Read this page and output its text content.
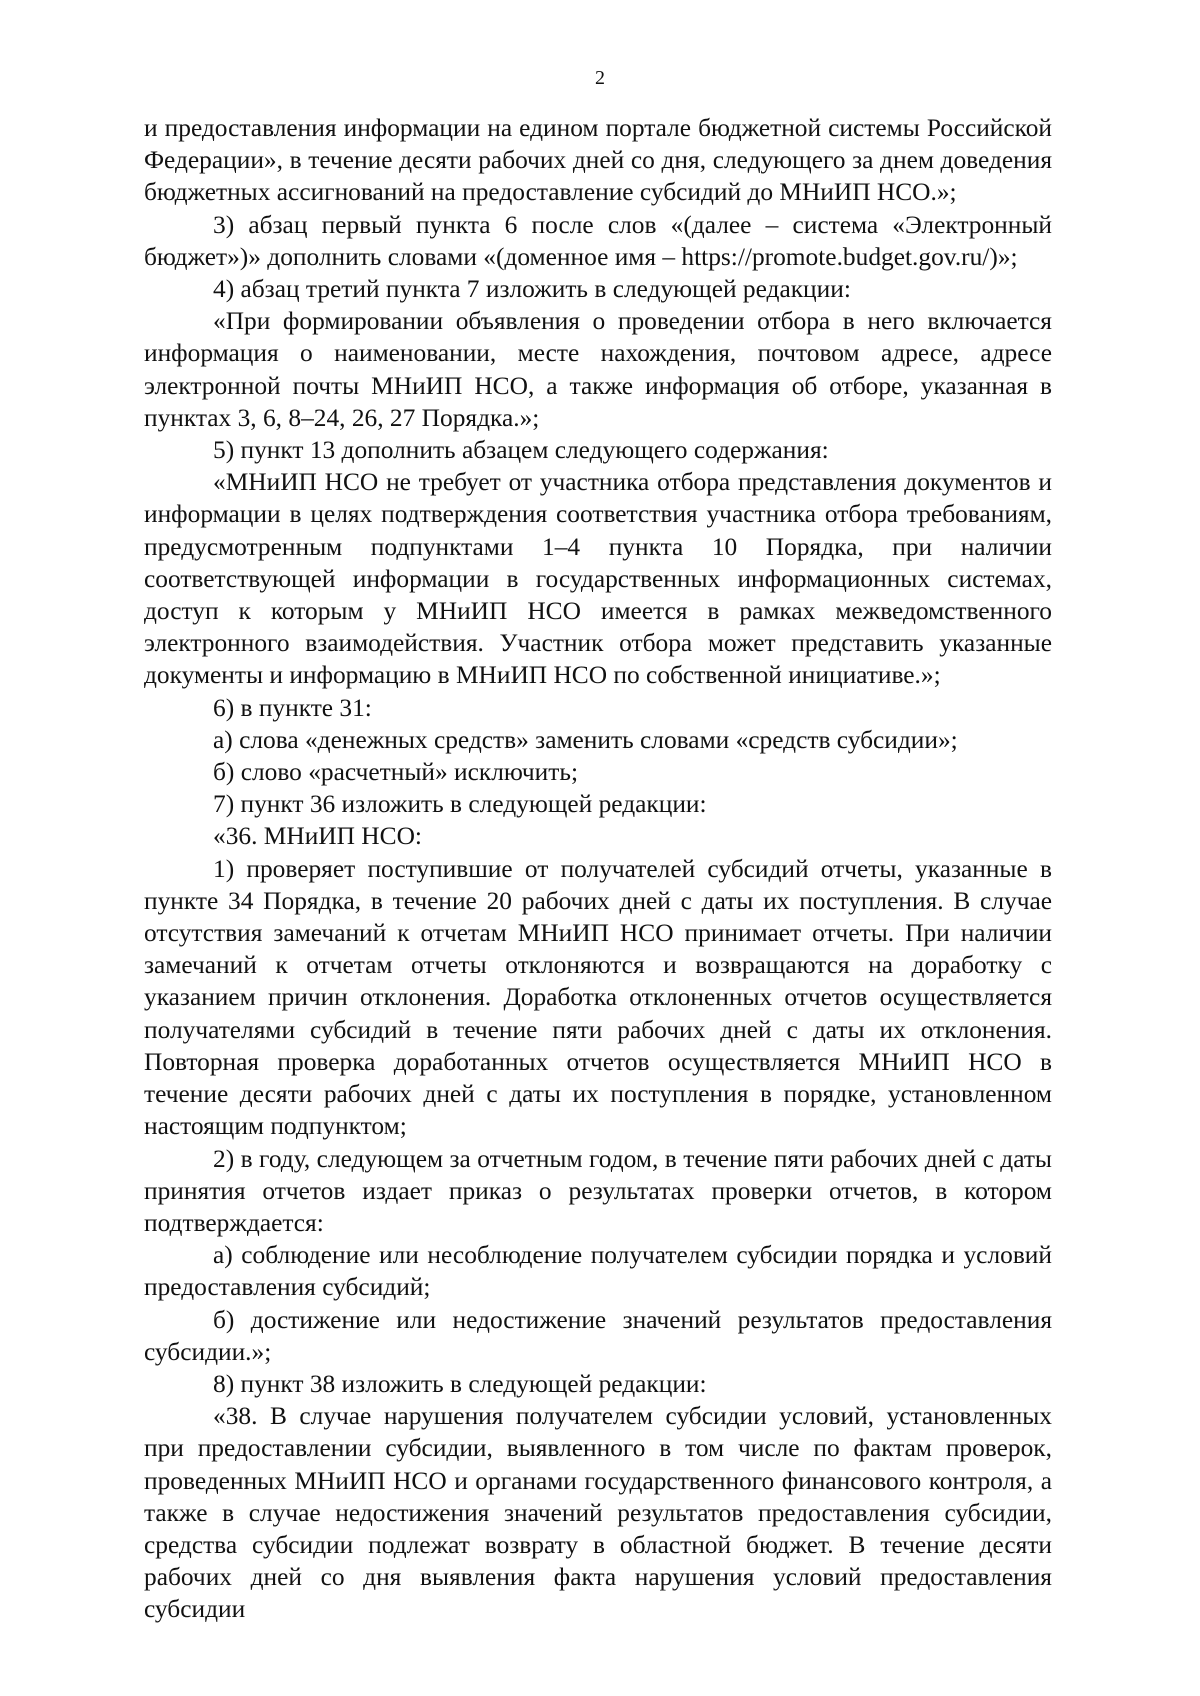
2

и предоставления информации на едином портале бюджетной системы Российской Федерации», в течение десяти рабочих дней со дня, следующего за днем доведения бюджетных ассигнований на предоставление субсидий до МНиИП НСО.»;

3) абзац первый пункта 6 после слов «(далее – система «Электронный бюджет»)» дополнить словами «(доменное имя – https://promote.budget.gov.ru/)»;

4) абзац третий пункта 7 изложить в следующей редакции:

«При формировании объявления о проведении отбора в него включается информация о наименовании, месте нахождения, почтовом адресе, адресе электронной почты МНиИП НСО, а также информация об отборе, указанная в пунктах 3, 6, 8–24, 26, 27 Порядка.»;

5) пункт 13 дополнить абзацем следующего содержания:

«МНиИП НСО не требует от участника отбора представления документов и информации в целях подтверждения соответствия участника отбора требованиям, предусмотренным подпунктами 1–4 пункта 10 Порядка, при наличии соответствующей информации в государственных информационных системах, доступ к которым у МНиИП НСО имеется в рамках межведомственного электронного взаимодействия. Участник отбора может представить указанные документы и информацию в МНиИП НСО по собственной инициативе.»;

6) в пункте 31:

а) слова «денежных средств» заменить словами «средств субсидии»;

б) слово «расчетный» исключить;

7) пункт 36 изложить в следующей редакции:

«36. МНиИП НСО:

1) проверяет поступившие от получателей субсидий отчеты, указанные в пункте 34 Порядка, в течение 20 рабочих дней с даты их поступления. В случае отсутствия замечаний к отчетам МНиИП НСО принимает отчеты. При наличии замечаний к отчетам отчеты отклоняются и возвращаются на доработку с указанием причин отклонения. Доработка отклоненных отчетов осуществляется получателями субсидий в течение пяти рабочих дней с даты их отклонения. Повторная проверка доработанных отчетов осуществляется МНиИП НСО в течение десяти рабочих дней с даты их поступления в порядке, установленном настоящим подпунктом;

2) в году, следующем за отчетным годом, в течение пяти рабочих дней с даты принятия отчетов издает приказ о результатах проверки отчетов, в котором подтверждается:

а) соблюдение или несоблюдение получателем субсидии порядка и условий предоставления субсидий;

б) достижение или недостижение значений результатов предоставления субсидии.»;

8) пункт 38 изложить в следующей редакции:

«38. В случае нарушения получателем субсидии условий, установленных при предоставлении субсидии, выявленного в том числе по фактам проверок, проведенных МНиИП НСО и органами государственного финансового контроля, а также в случае недостижения значений результатов предоставления субсидии, средства субсидии подлежат возврату в областной бюджет. В течение десяти рабочих дней со дня выявления факта нарушения условий предоставления субсидии
